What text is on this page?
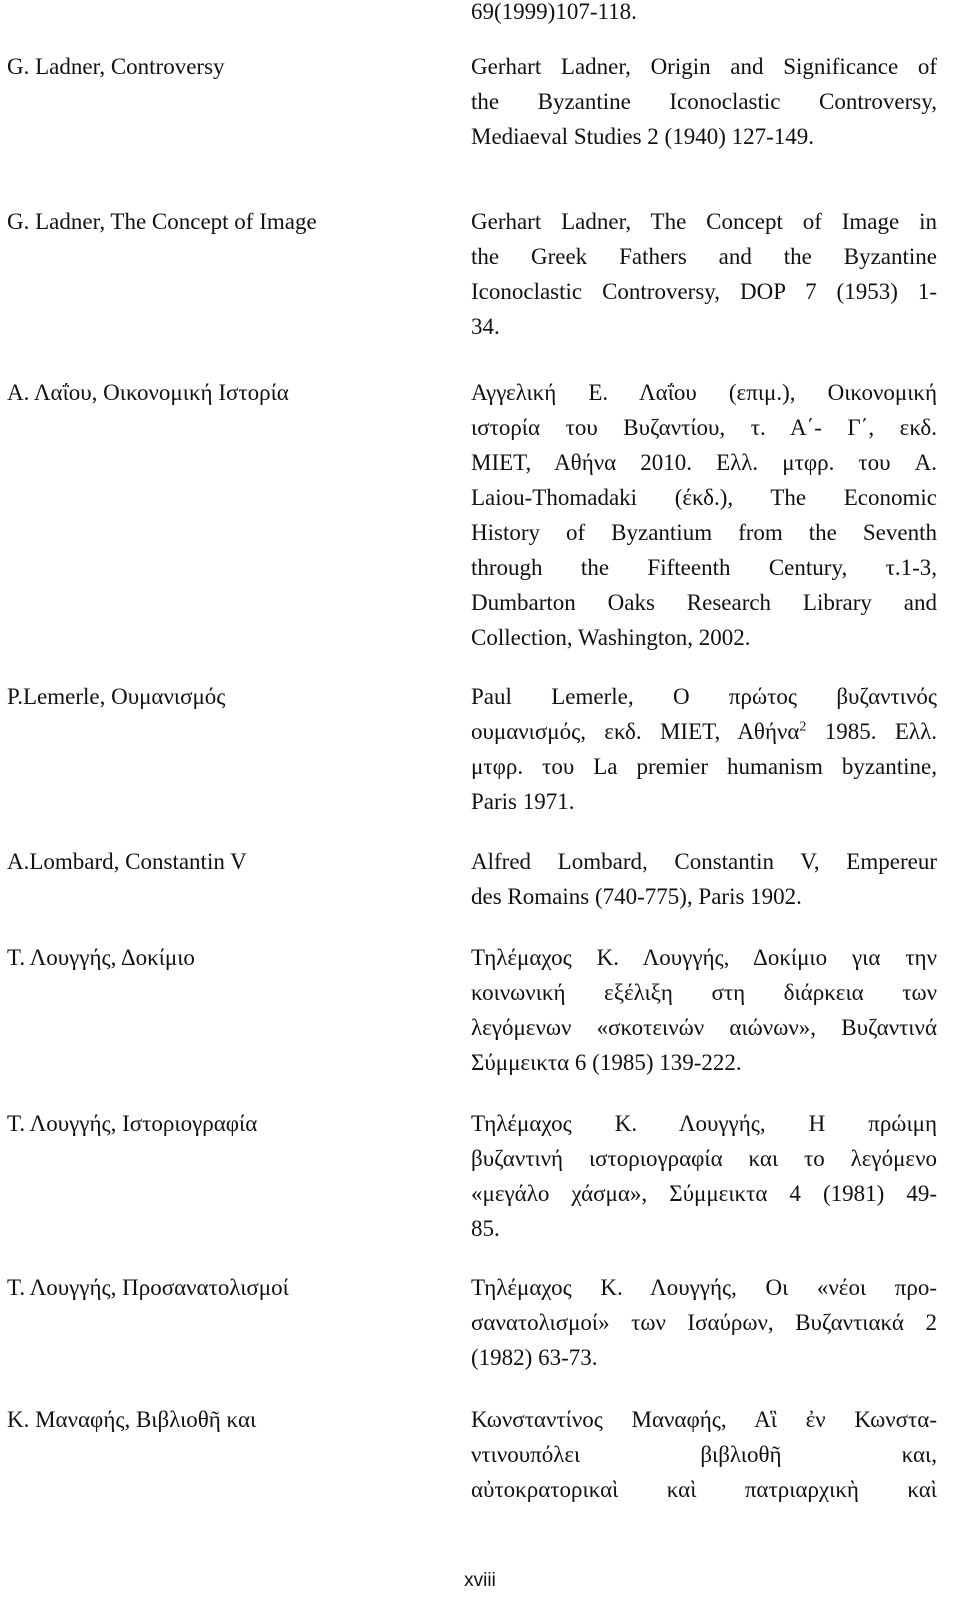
69(1999)107-118.
G. Ladner, Controversy	Gerhart Ladner, Origin and Significance of
the Byzantine Iconoclastic Controversy,
Mediaeval Studies 2 (1940) 127-149.
G. Ladner, The Concept of Image	Gerhart Ladner, The Concept of Image in
the Greek Fathers and the Byzantine
Iconoclastic Controversy, DOP 7 (1953) 1-
34.
Α. Λαΐου, Οικονομική Ιστορία	Αγγελική Ε. Λαΐου (επιμ.), Οικονομική
ιστορία του Βυζαντίου, τ. Α΄- Γ΄, εκδ.
ΜΙΕΤ, Αθήνα 2010. Ελλ. μτφρ. του A.
Laiou-Thomadaki (έκδ.), The Economic
History of Byzantium from the Seventh
through the Fifteenth Century, τ.1-3,
Dumbarton Oaks Research Library and
Collection, Washington, 2002.
P.Lemerle, Ουμανισμός	Paul Lemerle, Ο πρώτος βυζαντινός
ουμανισμός, εκδ. ΜΙΕΤ, Αθήνα$^2$ 1985. Ελλ.
μτφρ. του La premier humanism byzantine,
Paris 1971.
A.Lombard, Constantin V	Alfred Lombard, Constantin V, Empereur
des Romains (740-775), Paris 1902.
Τ. Λουγγής, Δοκίμιο	Τηλέμαχος Κ. Λουγγής, Δοκίμιο για την
κοινωνική εξέλιξη στη διάρκεια των
λεγόμενων «σκοτεινών αιώνων», Βυζαντινά
Σύμμεικτα 6 (1985) 139-222.
Τ. Λουγγής, Ιστοριογραφία	Τηλέμαχος Κ. Λουγγής, Η πρώιμη
βυζαντινή ιστοριογραφία και το λεγόμενο
«μεγάλο χάσμα», Σύμμεικτα 4 (1981) 49-
85.
Τ. Λουγγής, Προσανατολισμοί	Τηλέμαχος Κ. Λουγγής, Οι «νέοι προ-
σανατολισμοί» των Ισαύρων, Βυζαντιακά 2
(1982) 63-73.
Κ. Μαναφής, Βιβλιοθῆ και	Κωνσταντίνος Μαναφής, Αἳ ἐν Κωνστα-
ντινουπόλει βιβλιοθῆ και,
αὐτοκρατορικαὶ καὶ πατριαρχικὴ καὶ
xviii
